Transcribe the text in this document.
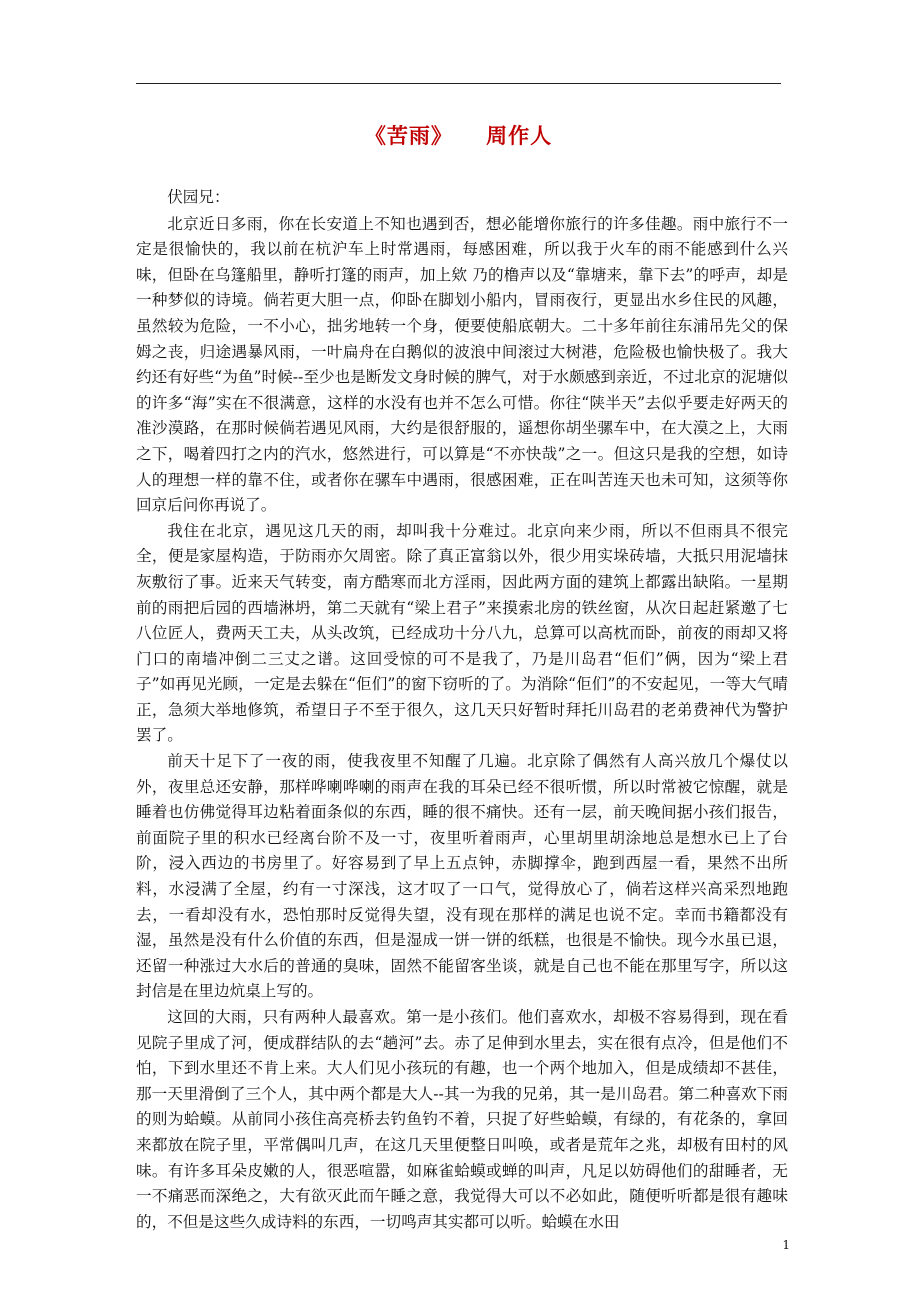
《苦雨》 周作人

伏园兄：

北京近日多雨，你在长安道上不知也遇到否，想必能增你旅行的许多佳趣。雨中旅行不一定是很愉快的，我以前在杭沪车上时常遇雨，每感困难，所以我于火车的雨不能感到什么兴味，但卧在乌篷船里，静听打篷的雨声，加上欸 乃的橹声以及“靠塘来，靠下去”的呼声，却是一种梦似的诗境。倘若更大胆一点，仰卧在脚划小船内，冒雨夜行，更显出水乡住民的风趣，虽然较为危险，一不小心，拙劣地转一个身，便要使船底朝大。二十多年前往东浦吊先父的保姆之丧，归途遇暴风雨，一叶扁舟在白鹅似的波浪中间滚过大树港，危险极也愉快极了。我大约还有好些“为鱼”时候--至少也是断发文身时候的脾气，对于水颇感到亲近，不过北京的泥塘似的许多“海”实在不很满意，这样的水没有也并不怎么可惜。你往“陕半天”去似乎要走好两天的准沙漠路，在那时候倘若遇见风雨，大约是很舒服的，遥想你胡坐骡车中，在大漠之上，大雨之下，喝着四打之内的汽水，悠然进行，可以算是“不亦快哉”之一。但这只是我的空想，如诗人的理想一样的靠不住，或者你在骡车中遇雨，很感困难，正在叫苦连天也未可知，这须等你回京后问你再说了。

我住在北京，遇见这几天的雨，却叫我十分难过。北京向来少雨，所以不但雨具不很完全，便是家屋构造，于防雨亦欠周密。除了真正富翁以外，很少用实垛砖墙，大抵只用泥墙抹灰敷衍了事。近来天气转变，南方酷寒而北方淫雨，因此两方面的建筑上都露出缺陷。一星期前的雨把后园的西墙淋坍，第二天就有“梁上君子”来摸索北房的铁丝窗，从次日起赶紧邀了七八位匠人，费两天工夫，从头改筑，已经成功十分八九，总算可以高枕而卧，前夜的雨却又将门口的南墙冲倒二三丈之谱。这回受惊的可不是我了，乃是川岛君“佢们”俩，因为“梁上君子”如再见光顾，一定是去躲在“佢们”的窗下窃听的了。为消除“佢们”的不安起见，一等大气晴正，急须大举地修筑，希望日子不至于很久，这几天只好暂时拜托川岛君的老弟费神代为警护罢了。

前天十足下了一夜的雨，使我夜里不知醒了几遍。北京除了偶然有人高兴放几个爆仗以外，夜里总还安静，那样哗喇哗喇的雨声在我的耳朵已经不很听惯，所以时常被它惊醒，就是睡着也仿佛觉得耳边粘着面条似的东西，睡的很不痛快。还有一层，前天晚间据小孩们报告，前面院子里的积水已经离台阶不及一寸，夜里听着雨声，心里胡里胡涂地总是想水已上了台阶，浸入西边的书房里了。好容易到了早上五点钟，赤脚撑伞，跑到西屋一看，果然不出所料，水浸满了全屋，约有一寸深浅，这才叹了一口气，觉得放心了，倘若这样兴高采烈地跑去，一看却没有水，恐怕那时反觉得失望，没有现在那样的满足也说不定。幸而书籍都没有湿，虽然是没有什么价值的东西，但是湿成一饼一饼的纸糕，也很是不愉快。现今水虽已退，还留一种涨过大水后的普通的臭味，固然不能留客坐谈，就是自己也不能在那里写字，所以这封信是在里边炕桌上写的。

这回的大雨，只有两种人最喜欢。第一是小孩们。他们喜欢水，却极不容易得到，现在看见院子里成了河，便成群结队的去“趟河”去。赤了足伸到水里去，实在很有点冷，但是他们不怕，下到水里还不肯上来。大人们见小孩玩的有趣，也一个两个地加入，但是成绩却不甚佳，那一天里滑倒了三个人，其中两个都是大人--其一为我的兄弟，其一是川岛君。第二种喜欢下雨的则为蛤蟆。从前同小孩住高亮桥去钓鱼钓不着，只捉了好些蛤蟆，有绿的，有花条的，拿回来都放在院子里，平常偶叫几声，在这几天里便整日叫唤，或者是荒年之兆，却极有田村的风味。有许多耳朵皮嫩的人，很恶喧嚣，如麻雀蛤蟆或蝉的叫声，凡足以妨碍他们的甜睡者，无一不痛恶而深绝之，大有欲灭此而午睡之意，我觉得大可以不必如此，随便听听都是很有趣味的，不但是这些久成诗料的东西，一切鸣声其实都可以听。蛤蟆在水田

1
